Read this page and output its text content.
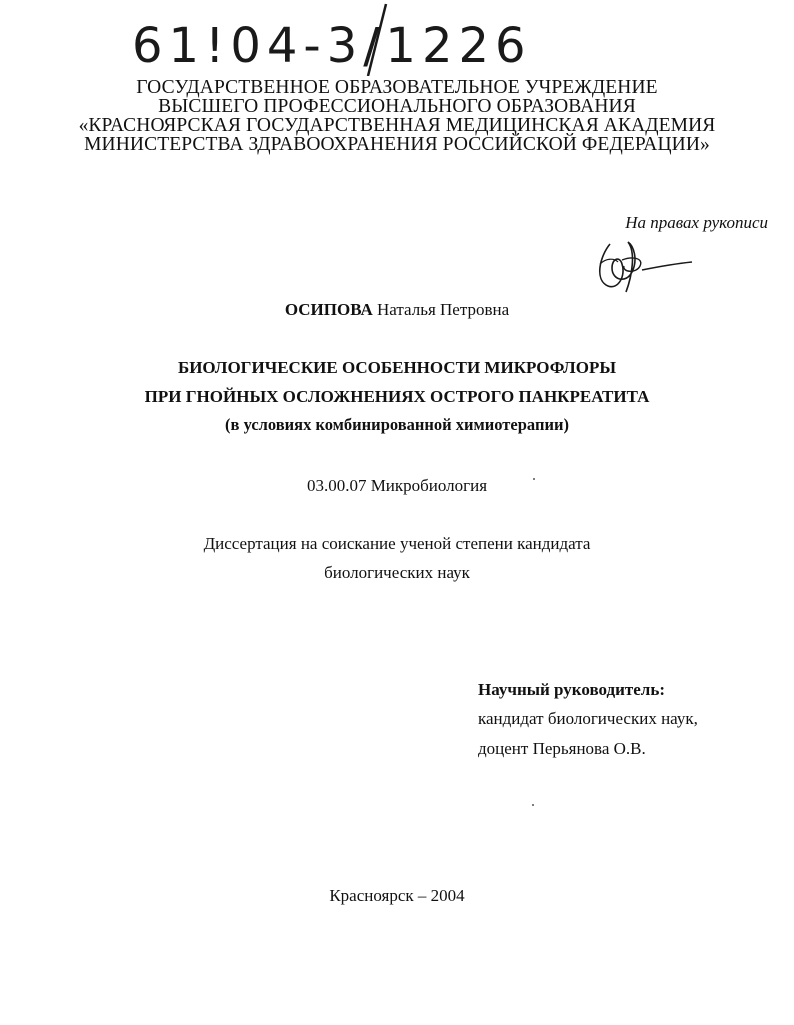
61!04-3/1226
ГОСУДАРСТВЕННОЕ ОБРАЗОВАТЕЛЬНОЕ УЧРЕЖДЕНИЕ
ВЫСШЕГО ПРОФЕССИОНАЛЬНОГО ОБРАЗОВАНИЯ
«КРАСНОЯРСКАЯ ГОСУДАРСТВЕННАЯ МЕДИЦИНСКАЯ АКАДЕМИЯ
МИНИСТЕРСТВА ЗДРАВООХРАНЕНИЯ РОССИЙСКОЙ ФЕДЕРАЦИИ»
На правах рукописи
ОСИПОВА Наталья Петровна
БИОЛОГИЧЕСКИЕ ОСОБЕННОСТИ МИКРОФЛОРЫ
ПРИ ГНОЙНЫХ ОСЛОЖНЕНИЯХ ОСТРОГО ПАНКРЕАТИТА
(в условиях комбинированной химиотерапии)
03.00.07 Микробиология
Диссертация на соискание ученой степени кандидата
биологических наук
Научный руководитель:
кандидат биологических наук,
доцент Перьянова О.В.
Красноярск – 2004
